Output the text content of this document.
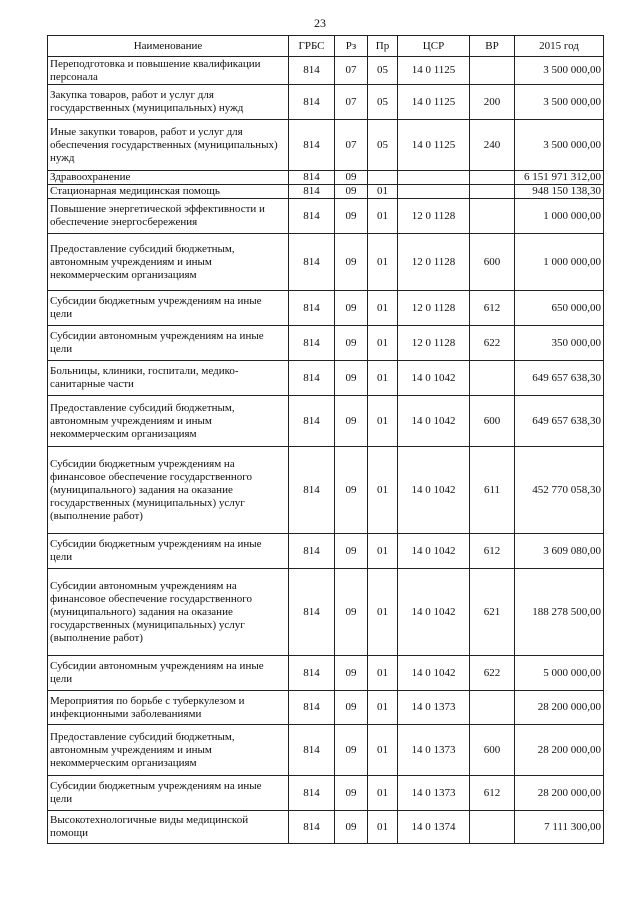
23
Наименование	ГРБС	Рз	Пр	ЦСР	ВР	2015 год
Переподготовка и повышение квалификации персонала	814	07	05	14 0 1125		3 500 000,00
Закупка товаров, работ и услуг для государственных (муниципальных) нужд	814	07	05	14 0 1125	200	3 500 000,00
Иные закупки товаров, работ и услуг для обеспечения государственных (муниципальных) нужд	814	07	05	14 0 1125	240	3 500 000,00
Здравоохранение	814	09				6 151 971 312,00
Стационарная медицинская помощь	814	09	01			948 150 138,30
Повышение энергетической эффективности и обеспечение энергосбережения	814	09	01	12 0 1128		1 000 000,00
Предоставление субсидий бюджетным, автономным учреждениям и иным некоммерческим организациям	814	09	01	12 0 1128	600	1 000 000,00
Субсидии бюджетным учреждениям на иные цели	814	09	01	12 0 1128	612	650 000,00
Субсидии автономным учреждениям на иные цели	814	09	01	12 0 1128	622	350 000,00
Больницы, клиники, госпитали, медико-санитарные части	814	09	01	14 0 1042		649 657 638,30
Предоставление субсидий бюджетным, автономным учреждениям и иным некоммерческим организациям	814	09	01	14 0 1042	600	649 657 638,30
Субсидии бюджетным учреждениям на финансовое обеспечение государственного (муниципального) задания на оказание государственных (муниципальных) услуг (выполнение работ)	814	09	01	14 0 1042	611	452 770 058,30
Субсидии бюджетным учреждениям на иные цели	814	09	01	14 0 1042	612	3 609 080,00
Субсидии автономным учреждениям на финансовое обеспечение государственного (муниципального) задания на оказание государственных (муниципальных) услуг (выполнение работ)	814	09	01	14 0 1042	621	188 278 500,00
Субсидии автономным учреждениям на иные цели	814	09	01	14 0 1042	622	5 000 000,00
Мероприятия по борьбе с туберкулезом и инфекционными заболеваниями	814	09	01	14 0 1373		28 200 000,00
Предоставление субсидий бюджетным, автономным учреждениям и иным некоммерческим организациям	814	09	01	14 0 1373	600	28 200 000,00
Субсидии бюджетным учреждениям на иные цели	814	09	01	14 0 1373	612	28 200 000,00
Высокотехнологичные виды медицинской помощи	814	09	01	14 0 1374		7 111 300,00
